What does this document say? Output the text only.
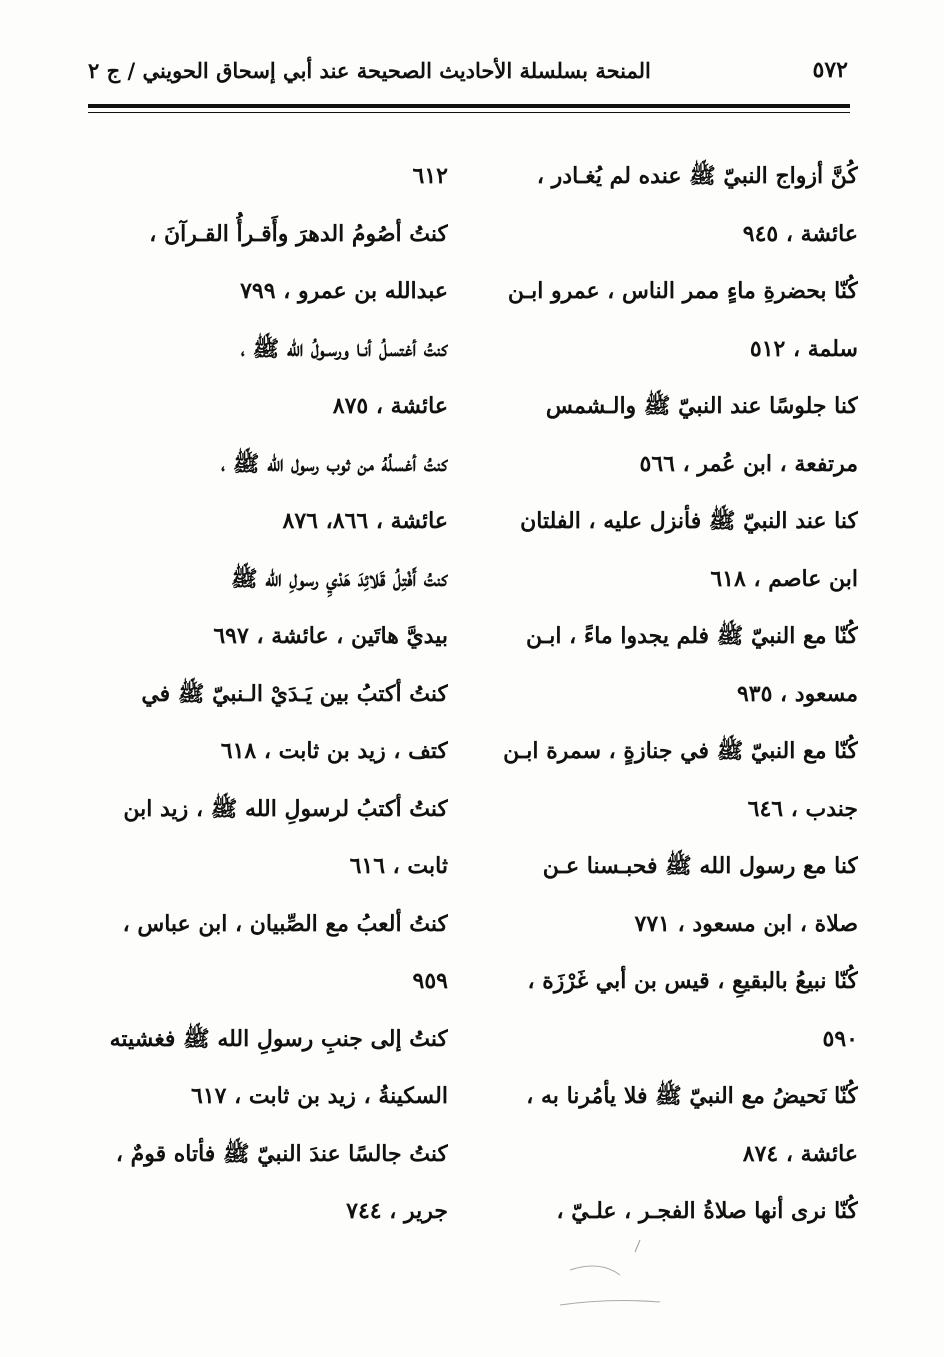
٥٧٢
المنحة بسلسلة الأحاديث الصحيحة عند أبي إسحاق الحويني / ج ٢
كُنَّ أزواج النبيّ ﷺ عنده لم يُغـادر ،
عائشة ، ٩٤٥
كُنّا بحضرةِ ماءٍ ممر الناس ، عمرو ابـن
سلمة ، ٥١٢
كنا جلوسًا عند النبيّ ﷺ والـشمس
مرتفعة ، ابن عُمر ، ٥٦٦
كنا عند النبيّ ﷺ فأنزل عليه ، الفلتان
ابن عاصم ، ٦١٨
كُنّا مع النبيّ ﷺ فلم يجدوا ماءً ، ابـن
مسعود ، ٩٣٥
كُنّا مع النبيّ ﷺ في جنازةٍ ، سمرة ابـن
جندب ، ٦٤٦
كنا مع رسول الله ﷺ فحبـسنا عـن
صلاة ، ابن مسعود ، ٧٧١
كُنّا نبيعُ بالبقيعِ ، قيس بن أبي غَرْزَة ،
٥٩٠
كُنّا نَحيضُ مع النبيّ ﷺ فلا يأمُرنا به ،
عائشة ، ٨٧٤
كُنّا نرى أنها صلاةُ الفجـر ، علـيّ ،
٦١٢
كنتُ أصُومُ الدهرَ وأَقـرأُ القـرآنَ ،
عبدالله بن عمرو ، ٧٩٩
كنتُ أغتسلُ أنـا ورسـولُ الله ﷺ ،
عائشة ، ٨٧٥
كنتُ أغسلُهُ من ثوب رسول الله ﷺ ،
عائشة ، ٨٦٦، ٨٧٦
كنتُ أَفْتِلُ قَلائِدَ هَدْيِ رسولِ الله ﷺ
بيديَّ هاتَين ، عائشة ، ٦٩٧
كنتُ أكتبُ بين يَـدَيْ الـنبيّ ﷺ في
كتف ، زيد بن ثابت ، ٦١٨
كنتُ أكتبُ لرسولِ الله ﷺ ، زيد ابن
ثابت ، ٦١٦
كنتُ ألعبُ مع الصِّبيان ، ابن عباس ،
٩٥٩
كنتُ إلى جنبِ رسولِ الله ﷺ فغشيته
السكينةُ ، زيد بن ثابت ، ٦١٧
كنتُ جالسًا عندَ النبيّ ﷺ فأتاه قومٌ ،
جرير ، ٧٤٤
